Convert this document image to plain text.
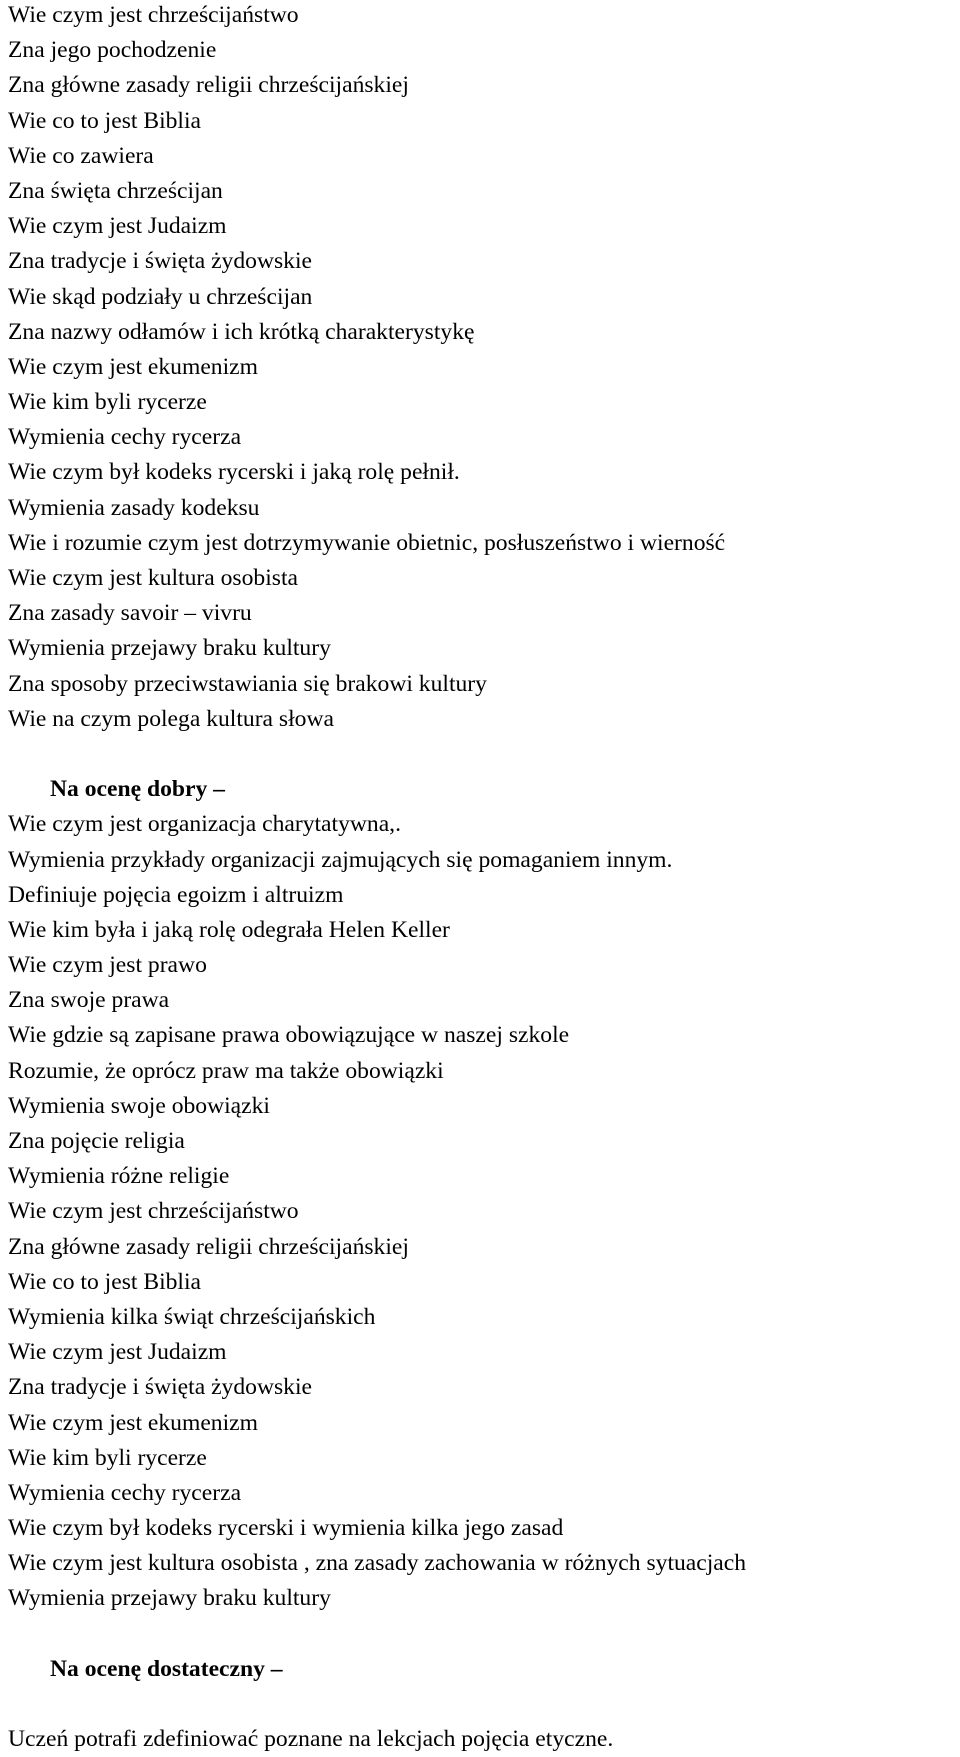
Wie czym jest chrześcijaństwo
Zna jego pochodzenie
Zna główne zasady religii chrześcijańskiej
Wie co to jest Biblia
Wie co zawiera
Zna święta chrześcijan
Wie czym jest Judaizm
Zna tradycje i święta żydowskie
Wie skąd podziały u chrześcijan
Zna nazwy odłamów i ich krótką charakterystykę
Wie czym jest ekumenizm
Wie kim byli rycerze
Wymienia cechy rycerza
Wie czym był kodeks rycerski i jaką rolę pełnił.
Wymienia zasady kodeksu
Wie i rozumie czym jest dotrzymywanie obietnic, posłuszeństwo i wierność
Wie czym jest kultura osobista
Zna zasady savoir – vivru
Wymienia przejawy braku kultury
Zna sposoby przeciwstawiania się brakowi kultury
Wie na czym polega kultura słowa
Na ocenę dobry –
Wie czym jest organizacja charytatywna,.
Wymienia przykłady organizacji zajmujących się pomaganiem innym.
Definiuje pojęcia egoizm i altruizm
Wie kim była i jaką rolę odegrała Helen Keller
Wie czym jest prawo
Zna swoje prawa
Wie gdzie są zapisane prawa obowiązujące w naszej szkole
Rozumie, że oprócz praw ma także obowiązki
Wymienia swoje obowiązki
Zna pojęcie religia
Wymienia różne religie
Wie czym jest chrześcijaństwo
Zna główne zasady religii chrześcijańskiej
Wie co to jest Biblia
Wymienia kilka świąt chrześcijańskich
Wie czym jest Judaizm
Zna tradycje i święta żydowskie
Wie czym jest ekumenizm
Wie kim byli rycerze
Wymienia cechy rycerza
Wie czym był kodeks rycerski i wymienia kilka jego zasad
Wie czym jest kultura osobista , zna zasady zachowania w różnych sytuacjach
Wymienia przejawy braku kultury
Na ocenę dostateczny –
Uczeń potrafi zdefiniować poznane na lekcjach pojęcia etyczne.
